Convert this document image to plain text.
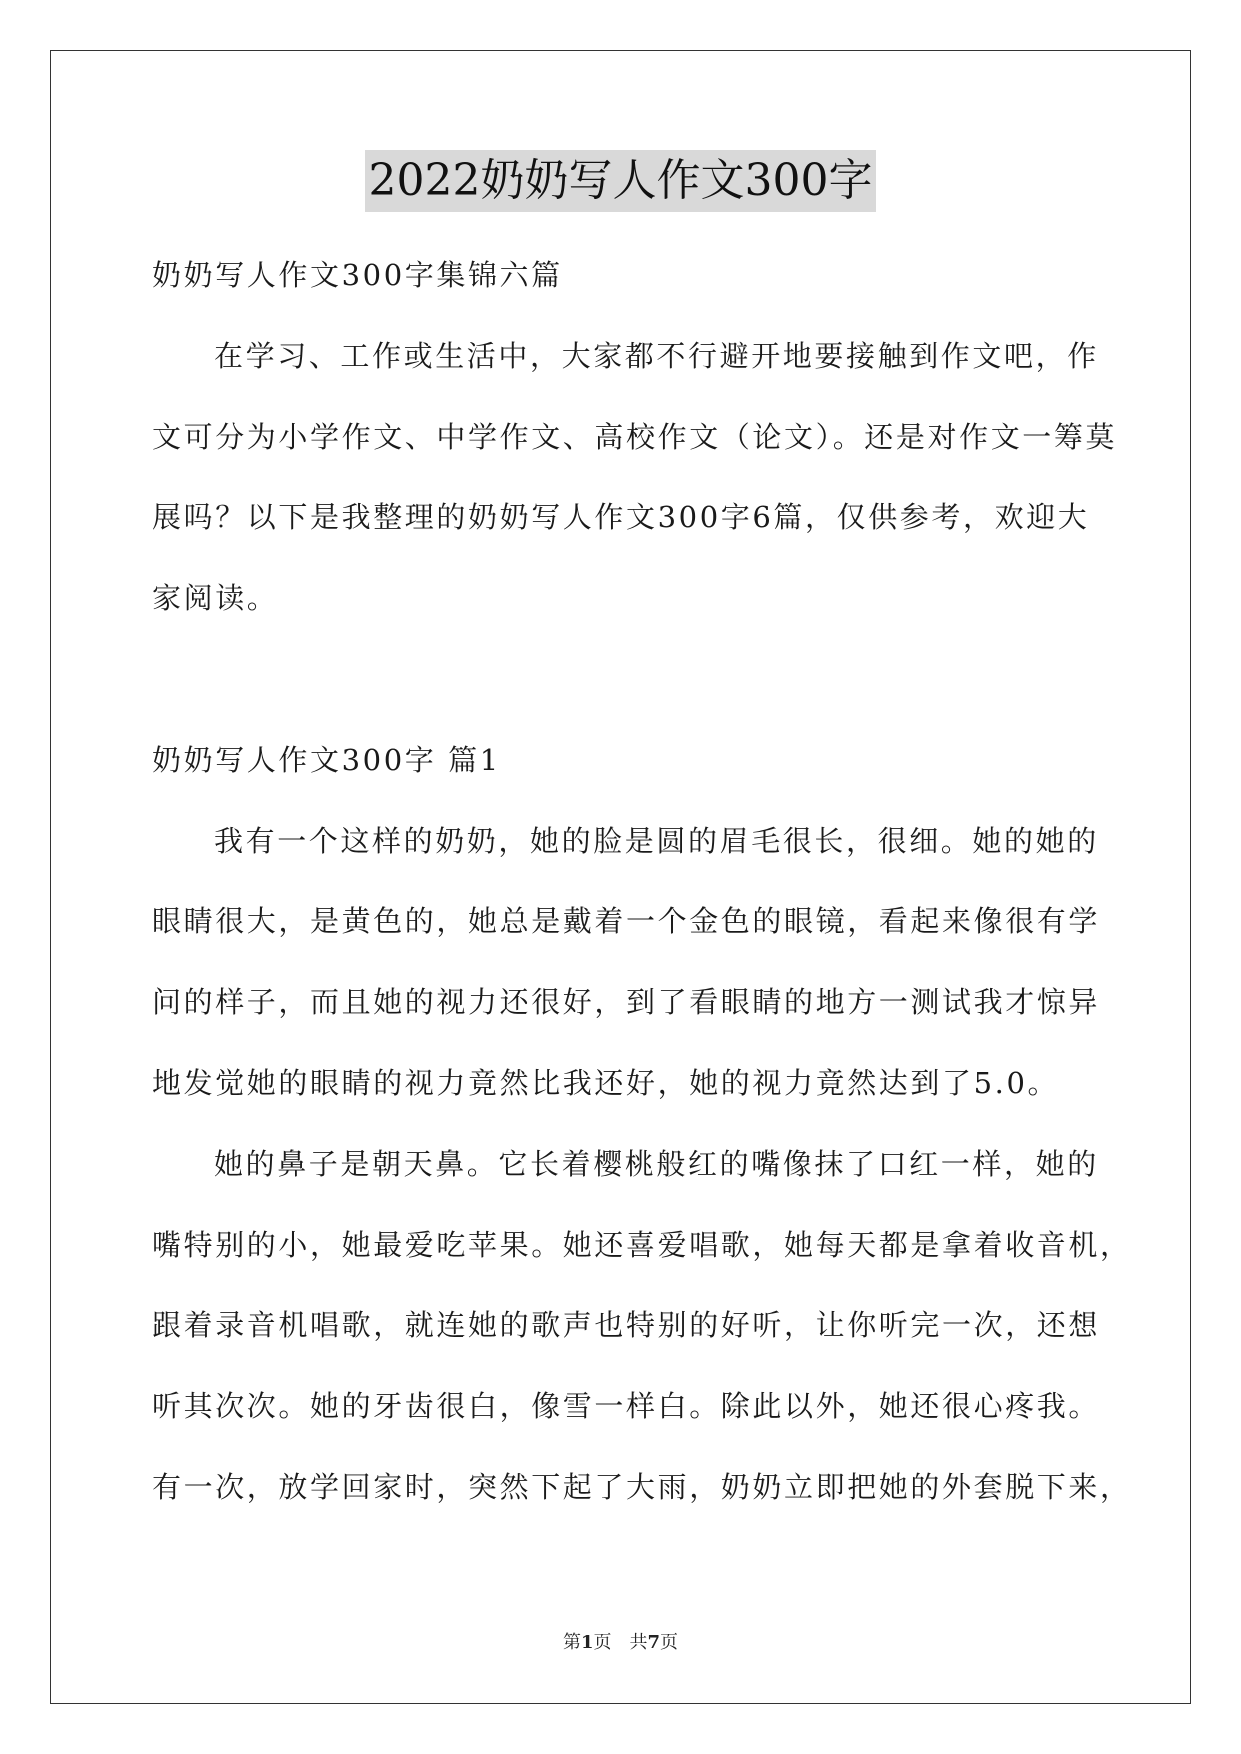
2022奶奶写人作文300字
奶奶写人作文300字集锦六篇
在学习、工作或生活中，大家都不行避开地要接触到作文吧，作
文可分为小学作文、中学作文、高校作文（论文）。还是对作文一筹莫
展吗？以下是我整理的奶奶写人作文300字6篇，仅供参考，欢迎大
家阅读。
奶奶写人作文300字 篇1
我有一个这样的奶奶，她的脸是圆的眉毛很长，很细。她的她的
眼睛很大，是黄色的，她总是戴着一个金色的眼镜，看起来像很有学
问的样子，而且她的视力还很好，到了看眼睛的地方一测试我才惊异
地发觉她的眼睛的视力竟然比我还好，她的视力竟然达到了5.0。
她的鼻子是朝天鼻。它长着樱桃般红的嘴像抹了口红一样，她的
嘴特别的小，她最爱吃苹果。她还喜爱唱歌，她每天都是拿着收音机，
跟着录音机唱歌，就连她的歌声也特别的好听，让你听完一次，还想
听其次次。她的牙齿很白，像雪一样白。除此以外，她还很心疼我。
有一次，放学回家时，突然下起了大雨，奶奶立即把她的外套脱下来，
第1页　共7页
